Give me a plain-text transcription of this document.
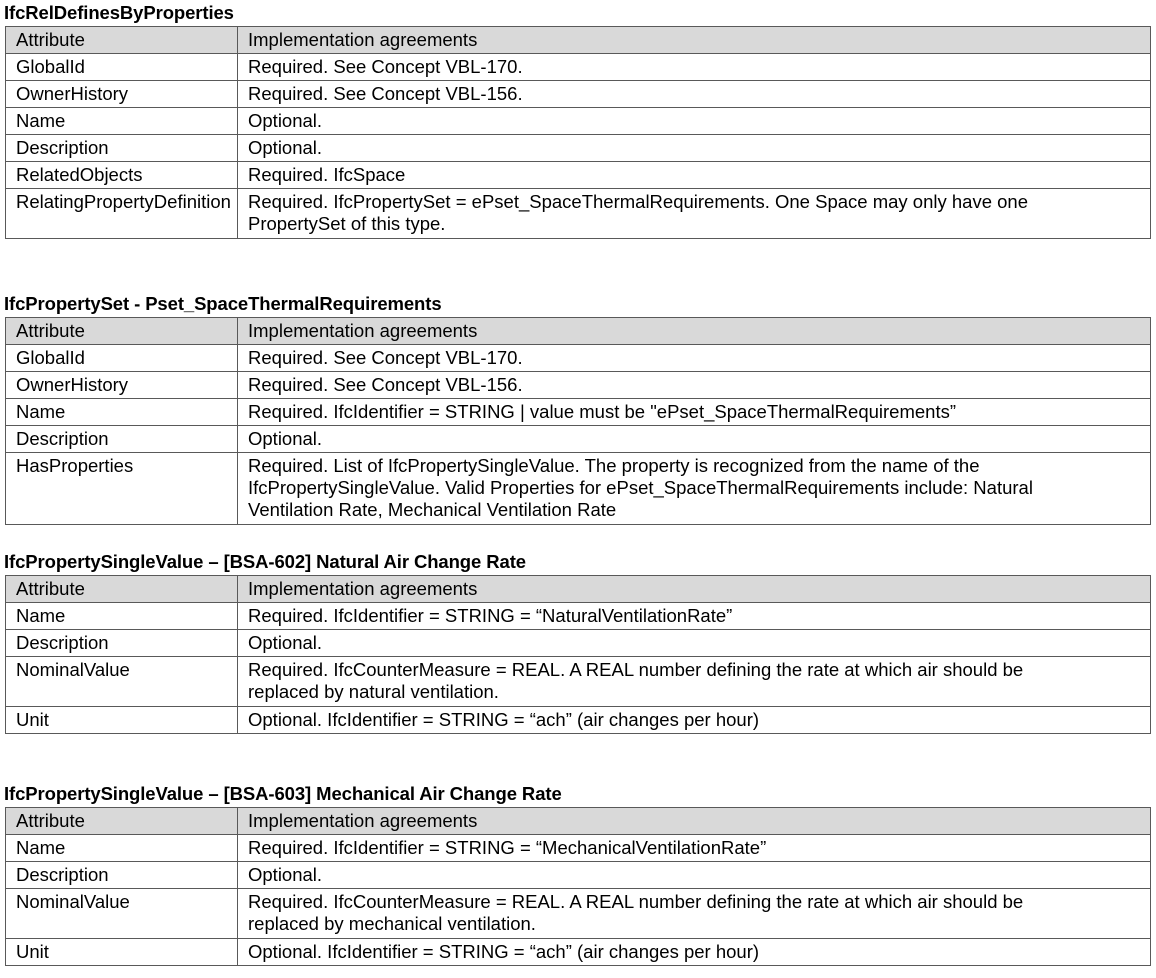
IfcRelDefinesByProperties
Attribute	Implementation agreements
GlobalId	Required. See Concept VBL-170.

OwnerHistory	Required. See Concept VBL-156.

Name	Optional.

Description	Optional.

RelatedObjects	Required. IfcSpace

RelatingPropertyDefinition	Required. IfcPropertySet = ePset_SpaceThermalRequirements. One Space may only have one
PropertySet of this type.
IfcPropertySet - Pset_SpaceThermalRequirements
Attribute	Implementation agreements
GlobalId	Required. See Concept VBL-170.

OwnerHistory	Required. See Concept VBL-156.

Name	Required. IfcIdentifier = STRING | value must be "ePset_SpaceThermalRequirements”

Description	Optional.

HasProperties	Required. List of IfcPropertySingleValue. The property is recognized from the name of the
IfcPropertySingleValue. Valid Properties for ePset_SpaceThermalRequirements include: Natural
Ventilation Rate, Mechanical Ventilation Rate
IfcPropertySingleValue – [BSA-602] Natural Air Change Rate
Attribute	Implementation agreements
Name	Required. IfcIdentifier = STRING = “NaturalVentilationRate”

Description	Optional.

NominalValue	Required. IfcCounterMeasure = REAL. A REAL number defining the rate at which air should be
replaced by natural ventilation.

Unit	Optional. IfcIdentifier = STRING = “ach” (air changes per hour)
IfcPropertySingleValue – [BSA-603] Mechanical Air Change Rate
Attribute	Implementation agreements
Name	Required. IfcIdentifier = STRING = “MechanicalVentilationRate”

Description	Optional.

NominalValue	Required. IfcCounterMeasure = REAL. A REAL number defining the rate at which air should be
replaced by mechanical ventilation.

Unit	Optional. IfcIdentifier = STRING = “ach” (air changes per hour)
